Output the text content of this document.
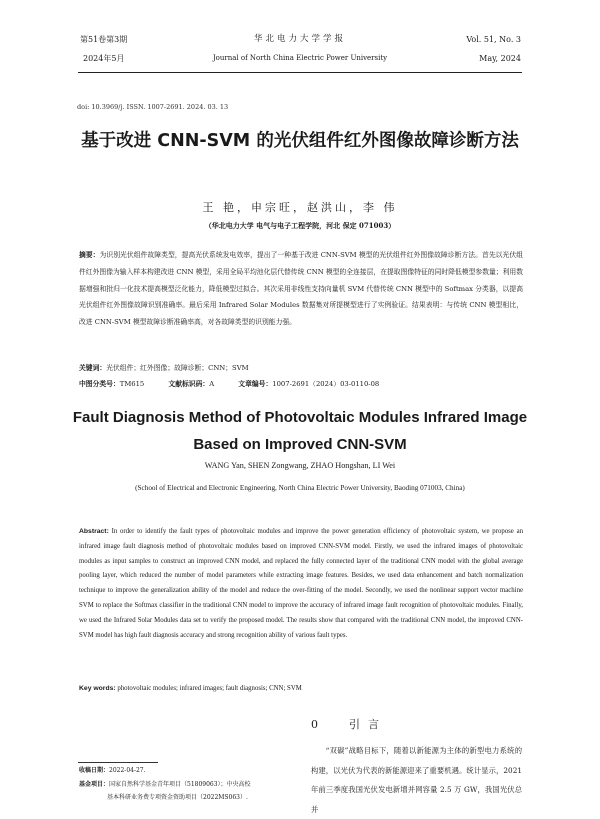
第51卷第3期
2024年5月
华北电力大学学报
Journal of North China Electric Power University
Vol. 51, No. 3
May, 2024
doi: 10.3969/j. ISSN. 1007-2691. 2024. 03. 13
基于改进 CNN-SVM 的光伏组件红外图像故障诊断方法
王 艳，申宗旺，赵洪山，李 伟
（华北电力大学 电气与电子工程学院，河北 保定 071003）
摘要：为识别光伏组件故障类型，提高光伏系统发电效率，提出了一种基于改进 CNN-SVM 模型的光伏组件红外图像故障诊断方法。首先以光伏组件红外图像为输入样本构建改进 CNN 模型，采用全局平均池化层代替传统 CNN 模型的全连接层，在提取图像特征的同时降低模型参数量；利用数据增强和批归一化技术提高模型泛化能力，降低模型过拟合。其次采用非线性支持向量机 SVM 代替传统 CNN 模型中的 Softmax 分类器，以提高光伏组件红外图像故障识别准确率。最后采用 Infrared Solar Modules 数据集对所提模型进行了实例验证。结果表明：与传统 CNN 模型相比，改进 CNN-SVM 模型故障诊断准确率高，对各故障类型的识别能力强。
关键词：光伏组件；红外图像；故障诊断；CNN；SVM
中图分类号：TM615	文献标识码：A	文章编号：1007-2691（2024）03-0110-08
Fault Diagnosis Method of Photovoltaic Modules Infrared Image Based on Improved CNN-SVM
WANG Yan, SHEN Zongwang, ZHAO Hongshan, LI Wei
(School of Electrical and Electronic Engineering, North China Electric Power University, Baoding 071003, China)
Abstract: In order to identify the fault types of photovoltaic modules and improve the power generation efficiency of photovoltaic system, we propose an infrared image fault diagnosis method of photovoltaic modules based on improved CNN-SVM model. Firstly, we used the infrared images of photovoltaic modules as input samples to construct an improved CNN model, and replaced the fully connected layer of the traditional CNN model with the global average pooling layer, which reduced the number of model parameters while extracting image features. Besides, we used data enhancement and batch normalization technique to improve the generalization ability of the model and reduce the over-fitting of the model. Secondly, we used the nonlinear support vector machine SVM to replace the Softmax classifier in the traditional CNN model to improve the accuracy of infrared image fault recognition of photovoltaic modules. Finally, we used the Infrared Solar Modules data set to verify the proposed model. The results show that compared with the traditional CNN model, the improved CNN-SVM model has high fault diagnosis accuracy and strong recognition ability of various fault types.
Key words: photovoltaic modules; infrared images; fault diagnosis; CNN; SVM
0 引言
“双碳”战略目标下，随着以新能源为主体的新型电力系统的构建，以光伏为代表的新能源迎来了重要机遇。统计显示，2021 年前三季度我国光伏发电新增并网容量 2.5 万 GW，我国光伏总并
收稿日期：2022-04-27.
基金项目：国家自然科学基金青年项目（51809063）；中央高校
基本科研业务费专项资金资助项目（2022MS063）.
